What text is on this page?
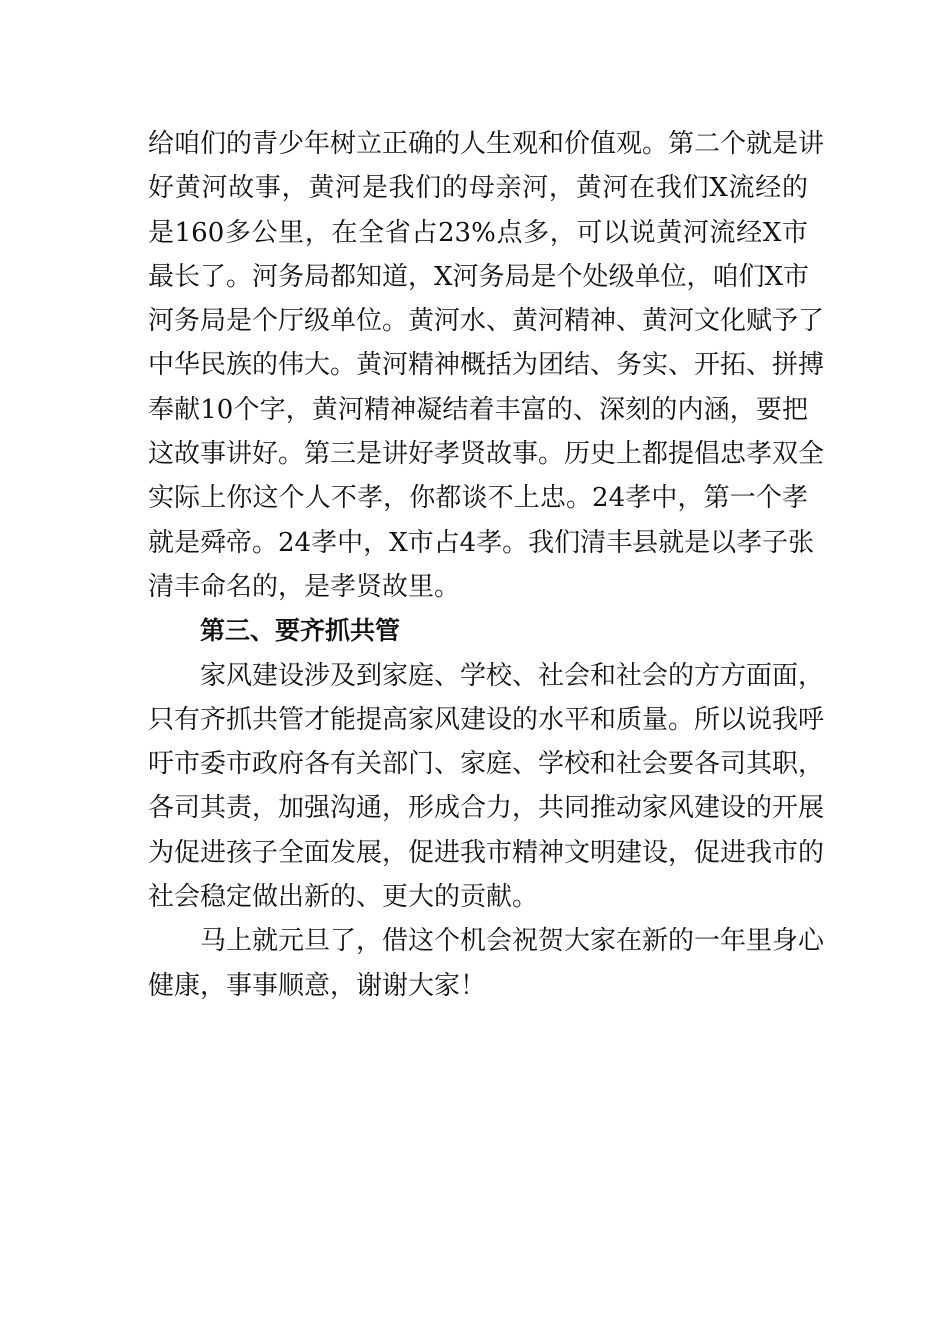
给咱们的青少年树立正确的人生观和价值观。第二个就是讲
好黄河故事，黄河是我们的母亲河，黄河在我们X流经的
是160多公里，在全省占23%点多，可以说黄河流经X市
最长了。河务局都知道，X河务局是个处级单位，咱们X市
河务局是个厅级单位。黄河水、黄河精神、黄河文化赋予了
中华民族的伟大。黄河精神概括为团结、务实、开拓、拼搏
奉献10个字，黄河精神凝结着丰富的、深刻的内涵，要把
这故事讲好。第三是讲好孝贤故事。历史上都提倡忠孝双全
实际上你这个人不孝，你都谈不上忠。24孝中，第一个孝
就是舜帝。24孝中，X市占4孝。我们清丰县就是以孝子张
清丰命名的，是孝贤故里。
第三、要齐抓共管
家风建设涉及到家庭、学校、社会和社会的方方面面，
只有齐抓共管才能提高家风建设的水平和质量。所以说我呼
吁市委市政府各有关部门、家庭、学校和社会要各司其职，
各司其责，加强沟通，形成合力，共同推动家风建设的开展
为促进孩子全面发展，促进我市精神文明建设，促进我市的
社会稳定做出新的、更大的贡献。
马上就元旦了，借这个机会祝贺大家在新的一年里身心
健康，事事顺意，谢谢大家！
